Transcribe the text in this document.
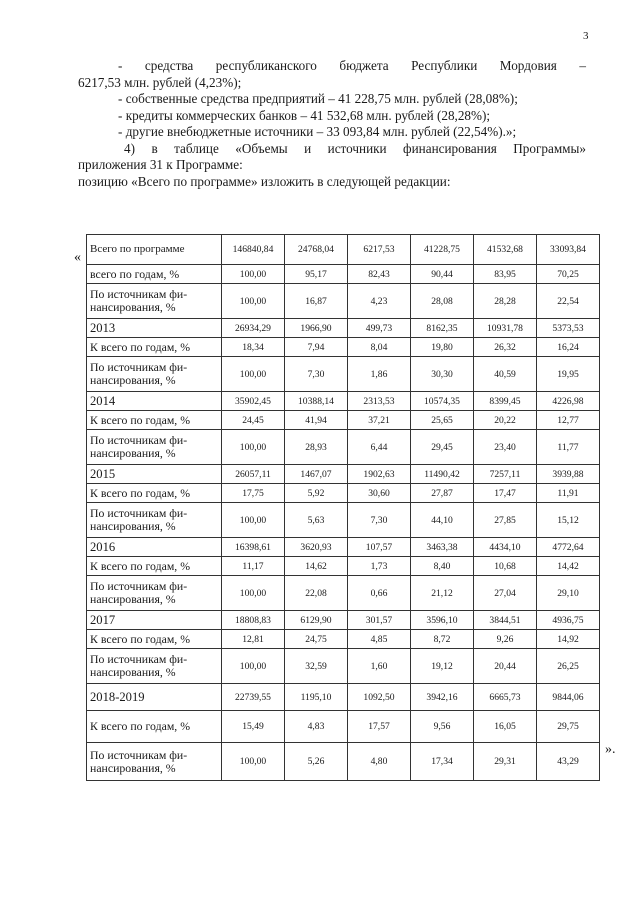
3

- средства республиканского бюджета Республики Мордовия –

6217,53 млн. рублей (4,23%);

- собственные средства предприятий – 41 228,75 млн. рублей (28,08%);

- кредиты коммерческих банков – 41 532,68 млн. рублей (28,28%);

- другие внебюджетные источники – 33 093,84 млн. рублей (22,54%).»;

4) в таблице «Объемы и источники финансирования Программы»

приложения 31 к Программе:

позицию «Всего по программе» изложить в следующей редакции:

«
Всего по программе	146840,84	24768,04	6217,53	41228,75	41532,68	33093,84
всего по годам, %	100,00	95,17	82,43	90,44	83,95	70,25
По источникам фи-нансирования, %	100,00	16,87	4,23	28,08	28,28	22,54
2013	26934,29	1966,90	499,73	8162,35	10931,78	5373,53
К всего по годам, %	18,34	7,94	8,04	19,80	26,32	16,24
По источникам фи-нансирования, %	100,00	7,30	1,86	30,30	40,59	19,95
2014	35902,45	10388,14	2313,53	10574,35	8399,45	4226,98
К всего по годам, %	24,45	41,94	37,21	25,65	20,22	12,77
По источникам фи-нансирования, %	100,00	28,93	6,44	29,45	23,40	11,77
2015	26057,11	1467,07	1902,63	11490,42	7257,11	3939,88
К всего по годам, %	17,75	5,92	30,60	27,87	17,47	11,91
По источникам фи-нансирования, %	100,00	5,63	7,30	44,10	27,85	15,12
2016	16398,61	3620,93	107,57	3463,38	4434,10	4772,64
К всего по годам, %	11,17	14,62	1,73	8,40	10,68	14,42
По источникам фи-нансирования, %	100,00	22,08	0,66	21,12	27,04	29,10
2017	18808,83	6129,90	301,57	3596,10	3844,51	4936,75
К всего по годам, %	12,81	24,75	4,85	8,72	9,26	14,92
По источникам фи-нансирования, %	100,00	32,59	1,60	19,12	20,44	26,25
2018-2019	22739,55	1195,10	1092,50	3942,16	6665,73	9844,06
К всего по годам, %	15,49	4,83	17,57	9,56	16,05	29,75
По источникам фи-нансирования, %	100,00	5,26	4,80	17,34	29,31	43,29
».
